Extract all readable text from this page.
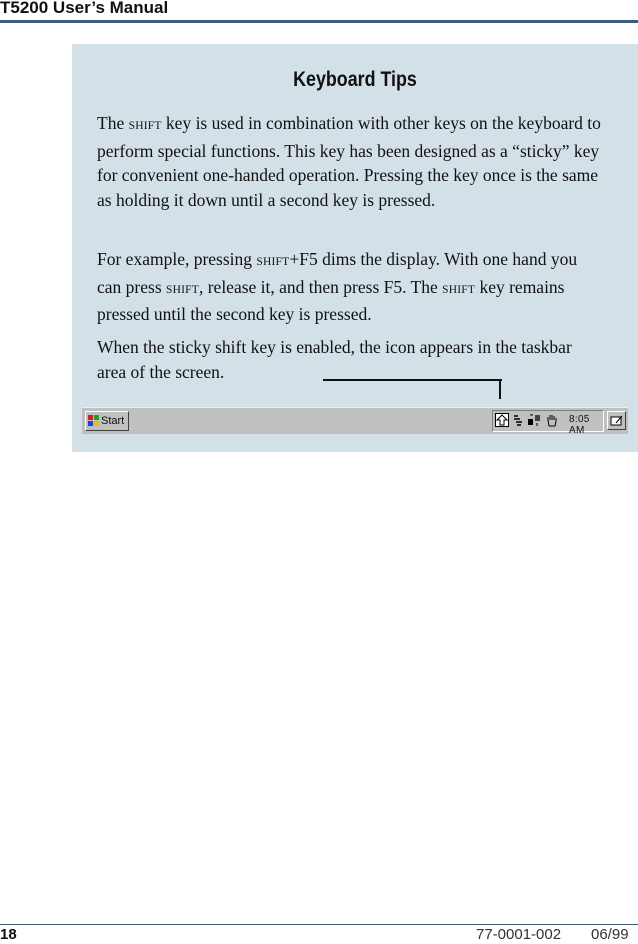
T5200 User’s Manual
Keyboard Tips

The SHIFT key is used in combination with other keys on the keyboard to perform special functions. This key has been designed as a “sticky” key for convenient one-handed operation. Pressing the key once is the same as holding it down until a second key is pressed.

For example, pressing SHIFT+F5 dims the display. With one hand you can press SHIFT, release it, and then press F5. The SHIFT key remains pressed until the second key is pressed.

When the sticky shift key is enabled, the icon appears in the taskbar area of the screen.

Start	8:05 AM
18	77-0001-002 06/99
